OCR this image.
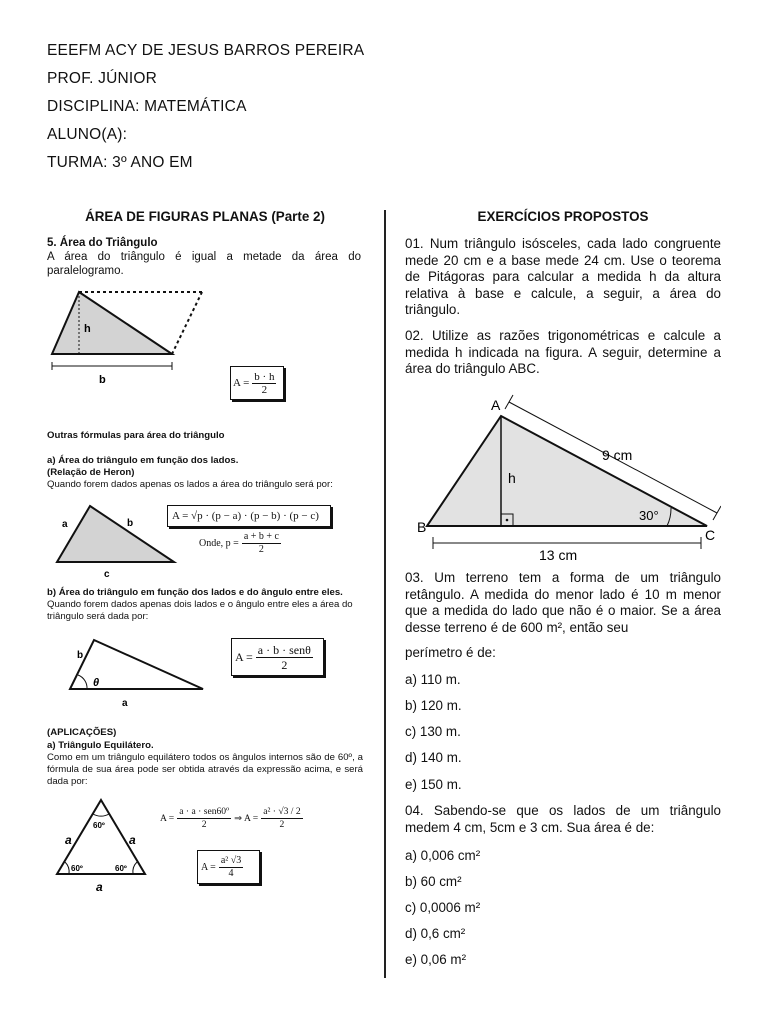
EEEFM ACY DE JESUS BARROS PEREIRA
PROF. JÚNIOR
DISCIPLINA: MATEMÁTICA
ALUNO(A):
TURMA: 3º ANO EM
ÁREA DE FIGURAS PLANAS (Parte 2)
5. Área do Triângulo
A área do triângulo é igual a metade da área do paralelogramo.
h
b	$A = \frac{b \cdot h}{2}$
Outras fórmulas para área do triângulo
a) Área do triângulo em função dos lados.
(Relação de Heron)
Quando forem dados apenas os lados a área do triângulo será por:
a	b
c
A = √p · (p − a) · (p − b) · (p − c)
Onde, $p = \frac{a + b + c}{2}$
b) Área do triângulo em função dos lados e do ângulo entre eles.
Quando forem dados apenas dois lados e o ângulo entre eles a área do triângulo será dada por:
b
θ
a
$A = \frac{\text{a · b · senθ}}{2}$
(APLICAÇÕES)
a) Triângulo Equilátero.
Como em um triângulo equilátero todos os ângulos internos são de 60º, a fórmula de sua área pode ser obtida através da expressão acima, e será dada por:
60º
60º	60º
a	a
a
$A = \frac{\text{a · a · sen60º}}{2}$ ⇒ $A = \frac{\text{a² · √3 / 2}}{2}$
$A = \frac{\text{a² √3}}{4}$
EXERCÍCIOS PROPOSTOS

01. Num triângulo isósceles, cada lado congruente mede 20 cm e a base mede 24 cm. Use o teorema de Pitágoras para calcular a medida h da altura relativa à base e calcule, a seguir, a área do triângulo.

02. Utilize as razões trigonométricas e calcule a medida h indicada na figura. A seguir, determine a área do triângulo ABC.

A
B	C
h
9 cm
30°
13 cm

03. Um terreno tem a forma de um triângulo retângulo. A medida do menor lado é 10 m menor que a medida do lado que não é o maior. Se a área desse terreno é de 600 m², então seu

perímetro é de:
a) 110 m.
b) 120 m.
c) 130 m.
d) 140 m.
e) 150 m.

04. Sabendo-se que os lados de um triângulo medem 4 cm, 5cm e 3 cm. Sua área é de:

a) 0,006 cm²
b) 60 cm²
c) 0,0006 m²
d) 0,6 cm²
e) 0,06 m²
